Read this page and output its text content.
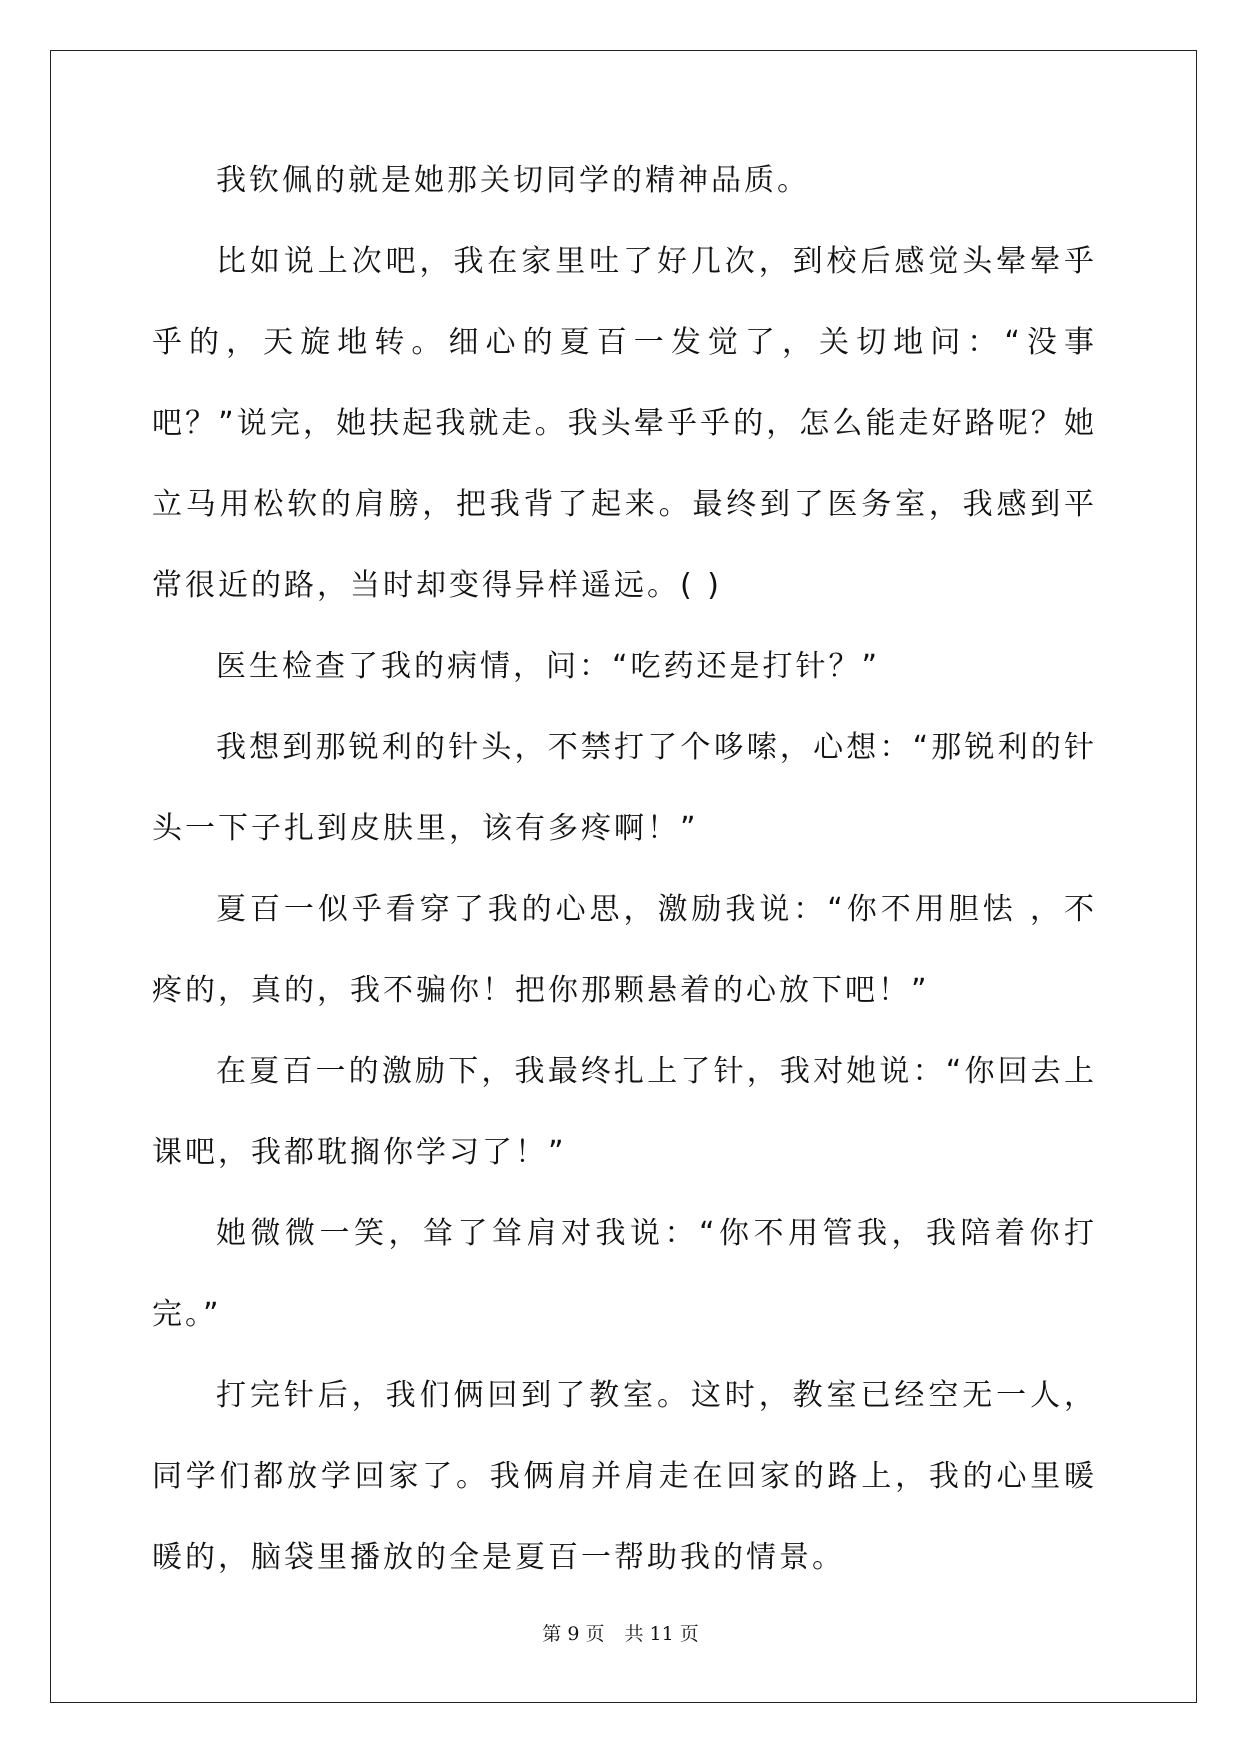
我钦佩的就是她那关切同学的精神品质。

比如说上次吧，我在家里吐了好几次，到校后感觉头晕晕乎乎的，天旋地转。细心的夏百一发觉了，关切地问：“没事吧？”说完，她扶起我就走。我头晕乎乎的，怎么能走好路呢？她立马用松软的肩膀，把我背了起来。最终到了医务室，我感到平常很近的路，当时却变得异样遥远。( )

医生检查了我的病情，问：“吃药还是打针？”

我想到那锐利的针头，不禁打了个哆嗦，心想：“那锐利的针头一下子扎到皮肤里，该有多疼啊！”

夏百一似乎看穿了我的心思，激励我说：“你不用胆怯 ，不疼的，真的，我不骗你！把你那颗悬着的心放下吧！”

在夏百一的激励下，我最终扎上了针，我对她说：“你回去上课吧，我都耽搁你学习了！”

她微微一笑，耸了耸肩对我说：“你不用管我，我陪着你打完。”

打完针后，我们俩回到了教室。这时，教室已经空无一人，同学们都放学回家了。我俩肩并肩走在回家的路上，我的心里暖暖的，脑袋里播放的全是夏百一帮助我的情景。

第 9 页 共 11 页
